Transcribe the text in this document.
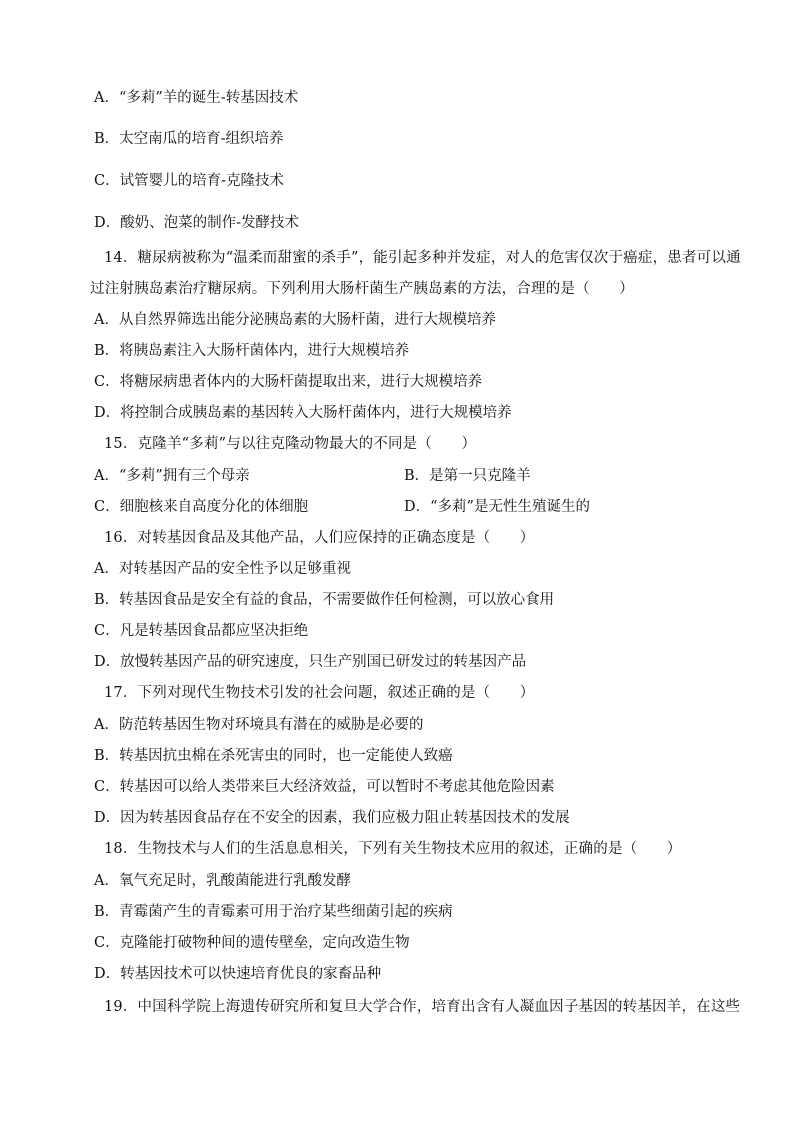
A．“多莉”羊的诞生-转基因技术
B．太空南瓜的培育-组织培养
C．试管婴儿的培育-克隆技术
D．酸奶、泡菜的制作-发酵技术
14．糖尿病被称为“温柔而甜蜜的杀手”，能引起多种并发症，对人的危害仅次于癌症，患者可以通
过注射胰岛素治疗糖尿病。下列利用大肠杆菌生产胰岛素的方法，合理的是（　　）
A．从自然界筛选出能分泌胰岛素的大肠杆菌，进行大规模培养
B．将胰岛素注入大肠杆菌体内，进行大规模培养
C．将糖尿病患者体内的大肠杆菌提取出来，进行大规模培养
D．将控制合成胰岛素的基因转入大肠杆菌体内，进行大规模培养
15．克隆羊“多莉”与以往克隆动物最大的不同是（　　）
A．“多莉”拥有三个母亲	B．是第一只克隆羊
C．细胞核来自高度分化的体细胞	D．“多莉”是无性生殖诞生的
16．对转基因食品及其他产品，人们应保持的正确态度是（　　）
A．对转基因产品的安全性予以足够重视
B．转基因食品是安全有益的食品，不需要做作任何检测，可以放心食用
C．凡是转基因食品都应坚决拒绝
D．放慢转基因产品的研究速度，只生产别国已研发过的转基因产品
17．下列对现代生物技术引发的社会问题，叙述正确的是（　　）
A．防范转基因生物对环境具有潜在的威胁是必要的
B．转基因抗虫棉在杀死害虫的同时，也一定能使人致癌
C．转基因可以给人类带来巨大经济效益，可以暂时不考虑其他危险因素
D．因为转基因食品存在不安全的因素，我们应极力阻止转基因技术的发展
18．生物技术与人们的生活息息相关，下列有关生物技术应用的叙述，正确的是（　　）
A．氧气充足时，乳酸菌能进行乳酸发酵
B．青霉菌产生的青霉素可用于治疗某些细菌引起的疾病
C．克隆能打破物种间的遗传壁垒，定向改造生物
D．转基因技术可以快速培育优良的家畜品种
19．中国科学院上海遗传研究所和复旦大学合作，培育出含有人凝血因子基因的转基因羊，在这些
